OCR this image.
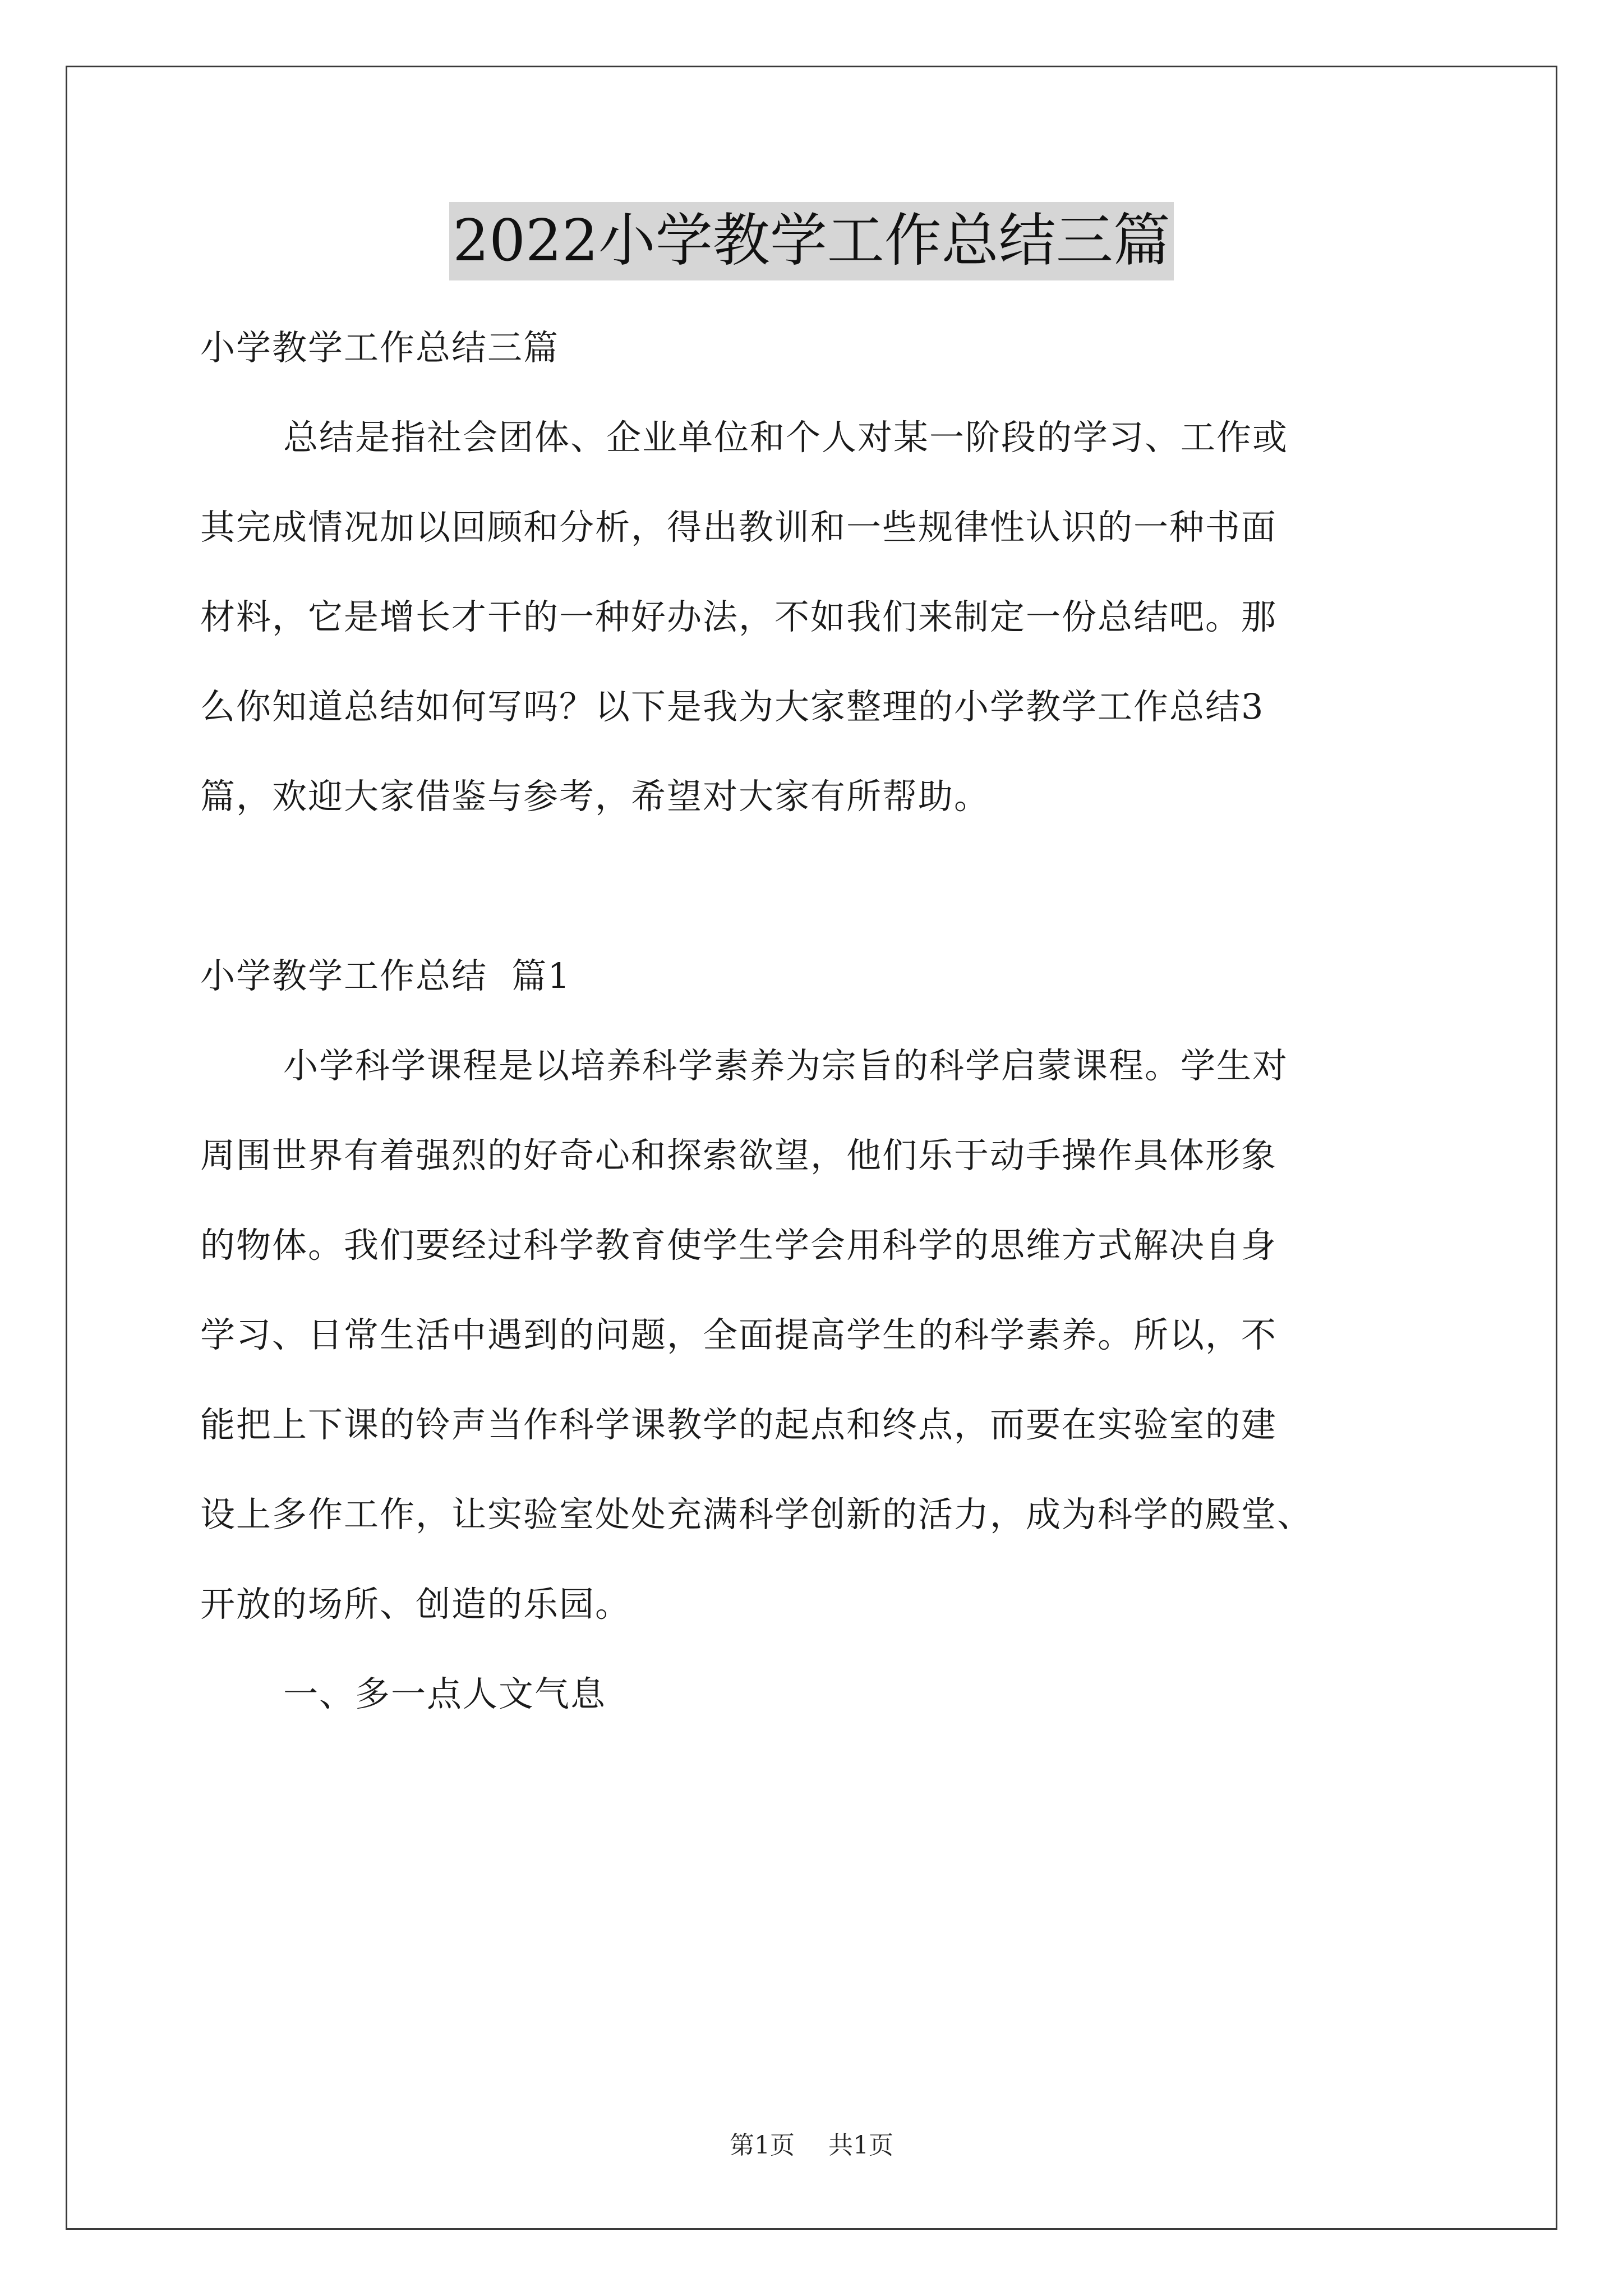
2022小学教学工作总结三篇
小学教学工作总结三篇
总结是指社会团体、企业单位和个人对某一阶段的学习、工作或
其完成情况加以回顾和分析，得出教训和一些规律性认识的一种书面
材料，它是增长才干的一种好办法，不如我们来制定一份总结吧。那
么你知道总结如何写吗？以下是我为大家整理的小学教学工作总结3
篇，欢迎大家借鉴与参考，希望对大家有所帮助。
小学教学工作总结  篇1
小学科学课程是以培养科学素养为宗旨的科学启蒙课程。学生对
周围世界有着强烈的好奇心和探索欲望，他们乐于动手操作具体形象
的物体。我们要经过科学教育使学生学会用科学的思维方式解决自身
学习、日常生活中遇到的问题，全面提高学生的科学素养。所以，不
能把上下课的铃声当作科学课教学的起点和终点，而要在实验室的建
设上多作工作，让实验室处处充满科学创新的活力，成为科学的殿堂、
开放的场所、创造的乐园。
一、多一点人文气息
第1页 共1页
